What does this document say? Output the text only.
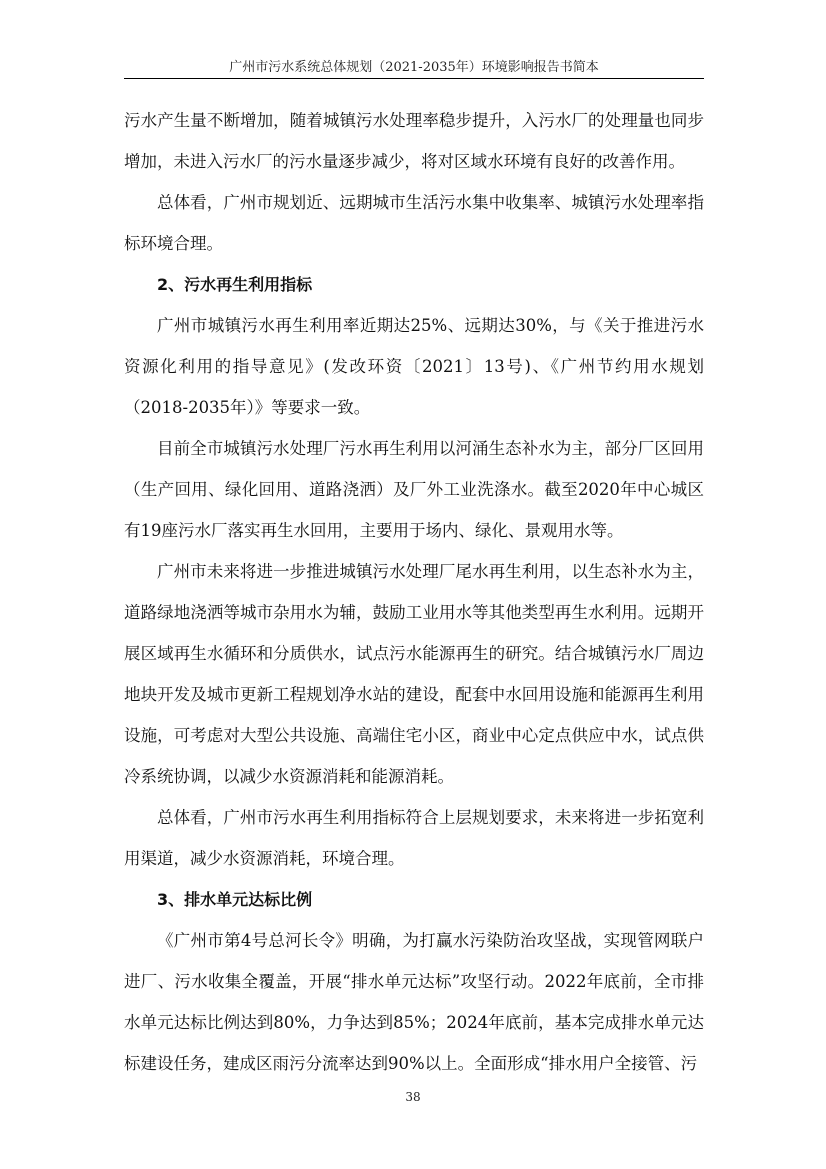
广州市污水系统总体规划（2021-2035年）环境影响报告书简本

污水产生量不断增加，随着城镇污水处理率稳步提升，入污水厂的处理量也同步增加，未进入污水厂的污水量逐步减少，将对区域水环境有良好的改善作用。

总体看，广州市规划近、远期城市生活污水集中收集率、城镇污水处理率指标环境合理。

2、污水再生利用指标

广州市城镇污水再生利用率近期达25%、远期达30%，与《关于推进污水资源化利用的指导意见》(发改环资〔2021〕13号)、《广州节约用水规划（2018-2035年）》等要求一致。

目前全市城镇污水处理厂污水再生利用以河涌生态补水为主，部分厂区回用（生产回用、绿化回用、道路浇洒）及厂外工业洗涤水。截至2020年中心城区有19座污水厂落实再生水回用，主要用于场内、绿化、景观用水等。

广州市未来将进一步推进城镇污水处理厂尾水再生利用，以生态补水为主，道路绿地浇洒等城市杂用水为辅，鼓励工业用水等其他类型再生水利用。远期开展区域再生水循环和分质供水，试点污水能源再生的研究。结合城镇污水厂周边地块开发及城市更新工程规划净水站的建设，配套中水回用设施和能源再生利用设施，可考虑对大型公共设施、高端住宅小区，商业中心定点供应中水，试点供冷系统协调，以减少水资源消耗和能源消耗。

总体看，广州市污水再生利用指标符合上层规划要求，未来将进一步拓宽利用渠道，减少水资源消耗，环境合理。

3、排水单元达标比例

《广州市第4号总河长令》明确，为打赢水污染防治攻坚战，实现管网联户进厂、污水收集全覆盖，开展“排水单元达标”攻坚行动。2022年底前，全市排水单元达标比例达到80%，力争达到85%；2024年底前，基本完成排水单元达标建设任务，建成区雨污分流率达到90%以上。全面形成“排水用户全接管、污

38
